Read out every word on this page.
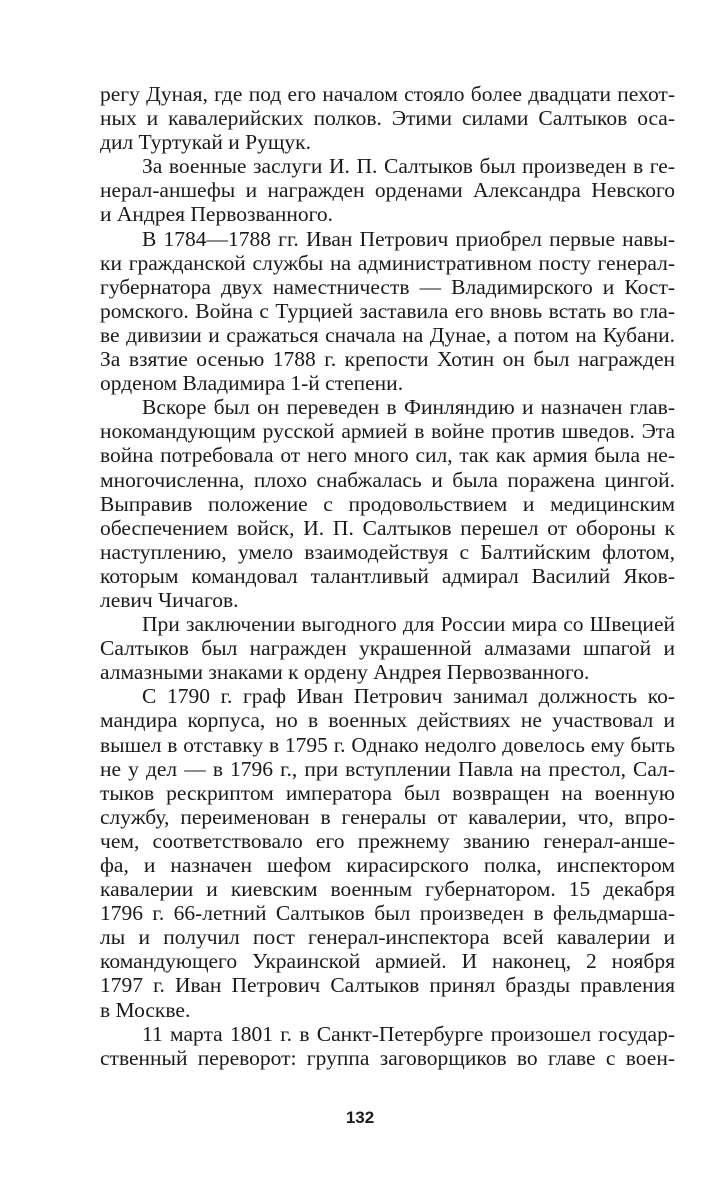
регу Дуная, где под его началом стояло более двадцати пехот-
ных и кавалерийских полков. Этими силами Салтыков оса-
дил Туртукай и Рущук.
За военные заслуги И. П. Салтыков был произведен в ге-
нерал-аншефы и награжден орденами Александра Невского
и Андрея Первозванного.
В 1784—1788 гг. Иван Петрович приобрел первые навы-
ки гражданской службы на административном посту генерал-
губернатора двух наместничеств — Владимирского и Кост-
ромского. Война с Турцией заставила его вновь встать во гла-
ве дивизии и сражаться сначала на Дунае, а потом на Кубани.
За взятие осенью 1788 г. крепости Хотин он был награжден
орденом Владимира 1-й степени.
Вскоре был он переведен в Финляндию и назначен глав-
нокомандующим русской армией в войне против шведов. Эта
война потребовала от него много сил, так как армия была не-
многочисленна, плохо снабжалась и была поражена цингой.
Выправив положение с продовольствием и медицинским
обеспечением войск, И. П. Салтыков перешел от обороны к
наступлению, умело взаимодействуя с Балтийским флотом,
которым командовал талантливый адмирал Василий Яков-
левич Чичагов.
При заключении выгодного для России мира со Швецией
Салтыков был награжден украшенной алмазами шпагой и
алмазными знаками к ордену Андрея Первозванного.
С 1790 г. граф Иван Петрович занимал должность ко-
мандира корпуса, но в военных действиях не участвовал и
вышел в отставку в 1795 г. Однако недолго довелось ему быть
не у дел — в 1796 г., при вступлении Павла на престол, Сал-
тыков рескриптом императора был возвращен на военную
службу, переименован в генералы от кавалерии, что, впро-
чем, соответствовало его прежнему званию генерал-аншe-
фа, и назначен шефом кирасирского полка, инспектором
кавалерии и киевским военным губернатором. 15 декабря
1796 г. 66-летний Салтыков был произведен в фельдмарша-
лы и получил пост генерал-инспектора всей кавалерии и
командующего Украинской армией. И наконец, 2 ноября
1797 г. Иван Петрович Салтыков принял бразды правления
в Москве.
11 марта 1801 г. в Санкт-Петербурге произошел государ-
ственный переворот: группа заговорщиков во главе с воен-
132
